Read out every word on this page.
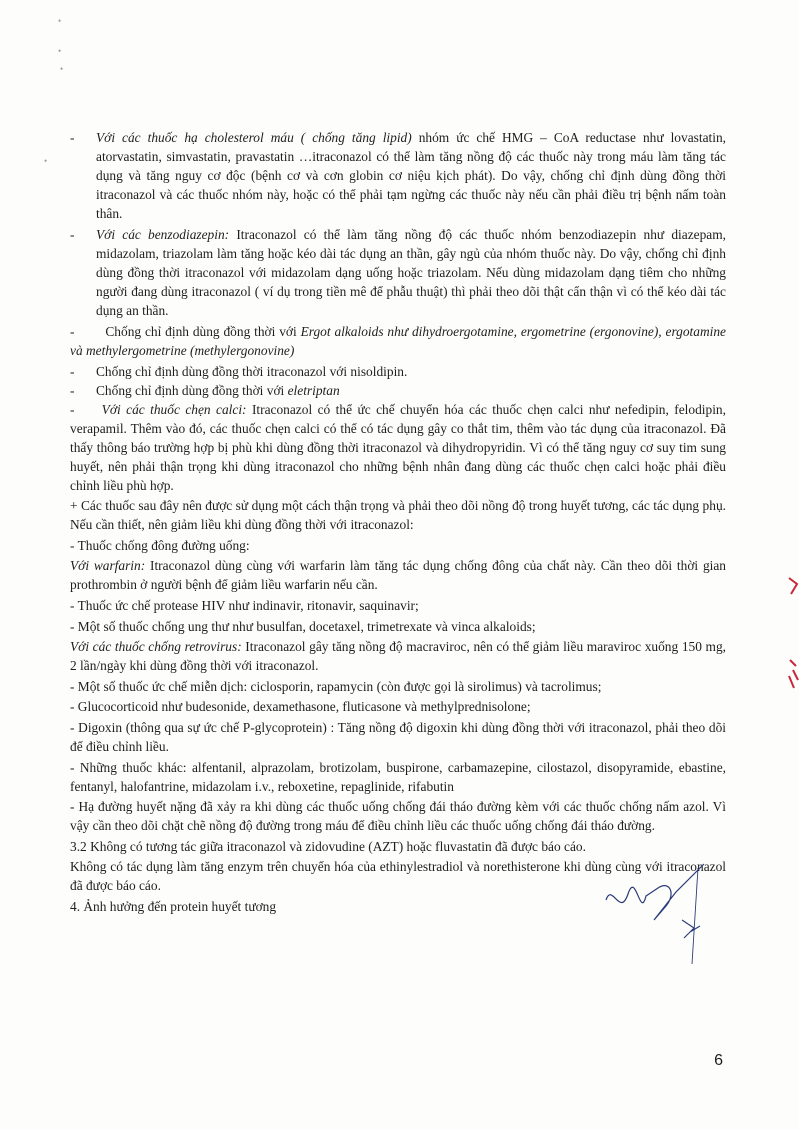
-	Với các thuốc hạ cholesterol máu ( chống tăng lipid) nhóm ức chế HMG – CoA reductase như lovastatin, atorvastatin, simvastatin, pravastatin …itraconazol có thể làm tăng nồng độ các thuốc này trong máu làm tăng tác dụng và tăng nguy cơ độc (bệnh cơ và cơn globin cơ niệu kịch phát). Do vậy, chống chỉ định dùng đồng thời itraconazol và các thuốc nhóm này, hoặc có thể phải tạm ngừng các thuốc này nếu cần phải điều trị bệnh nấm toàn thân.
-	Với các benzodiazepin: Itraconazol có thể làm tăng nồng độ các thuốc nhóm benzodiazepin như diazepam, midazolam, triazolam làm tăng hoặc kéo dài tác dụng an thần, gây ngủ của nhóm thuốc này. Do vậy, chống chỉ định dùng đồng thời itraconazol với midazolam dạng uống hoặc triazolam. Nếu dùng midazolam dạng tiêm cho những người đang dùng itraconazol ( ví dụ trong tiền mê để phẫu thuật) thì phải theo dõi thật cẩn thận vì có thể kéo dài tác dụng an thần.

- Chống chỉ định dùng đồng thời với Ergot alkaloids như dihydroergotamine, ergometrine (ergonovine), ergotamine và methylergometrine (methylergonovine)

-	Chống chỉ định dùng đồng thời itraconazol với nisoldipin.
-	Chống chỉ định dùng đồng thời với eletriptan

- Với các thuốc chẹn calci: Itraconazol có thể ức chế chuyển hóa các thuốc chẹn calci như nefedipin, felodipin, verapamil. Thêm vào đó, các thuốc chẹn calci có thể có tác dụng gây co thắt tim, thêm vào tác dụng của itraconazol. Đã thấy thông báo trường hợp bị phù khi dùng đồng thời itraconazol và dihydropyridin. Vì có thể tăng nguy cơ suy tim sung huyết, nên phải thận trọng khi dùng itraconazol cho những bệnh nhân đang dùng các thuốc chẹn calci hoặc phải điều chỉnh liều phù hợp.

+ Các thuốc sau đây nên được sử dụng một cách thận trọng và phải theo dõi nồng độ trong huyết tương, các tác dụng phụ. Nếu cần thiết, nên giảm liều khi dùng đồng thời với itraconazol:

- Thuốc chống đông đường uống:

Với warfarin: Itraconazol dùng cùng với warfarin làm tăng tác dụng chống đông của chất này. Cần theo dõi thời gian prothrombin ở người bệnh để giảm liều warfarin nếu cần.

- Thuốc ức chế protease HIV như indinavir, ritonavir, saquinavir;

- Một số thuốc chống ung thư như busulfan, docetaxel, trimetrexate và vinca alkaloids;

Với các thuốc chống retrovirus: Itraconazol gây tăng nồng độ macraviroc, nên có thể giảm liều maraviroc xuống 150 mg, 2 lần/ngày khi dùng đồng thời với itraconazol.

- Một số thuốc ức chế miễn dịch: ciclosporin, rapamycin (còn được gọi là sirolimus) và tacrolimus;

- Glucocorticoid như budesonide, dexamethasone, fluticasone và methylprednisolone;

- Digoxin (thông qua sự ức chế P-glycoprotein) : Tăng nồng độ digoxin khi dùng đồng thời với itraconazol, phải theo dõi để điều chỉnh liều.

- Những thuốc khác: alfentanil, alprazolam, brotizolam, buspirone, carbamazepine, cilostazol, disopyramide, ebastine, fentanyl, halofantrine, midazolam i.v., reboxetine, repaglinide, rifabutin

- Hạ đường huyết nặng đã xảy ra khi dùng các thuốc uống chống đái tháo đường kèm với các thuốc chống nấm azol. Vì vậy cần theo dõi chặt chẽ nồng độ đường trong máu để điều chỉnh liều các thuốc uống chống đái tháo đường.

3.2 Không có tương tác giữa itraconazol và zidovudine (AZT) hoặc fluvastatin đã được báo cáo.

Không có tác dụng làm tăng enzym trên chuyển hóa của ethinylestradiol và norethisterone khi dùng cùng với itraconazol đã được báo cáo.

4. Ảnh hưởng đến protein huyết tương

6
•
•
•
•
